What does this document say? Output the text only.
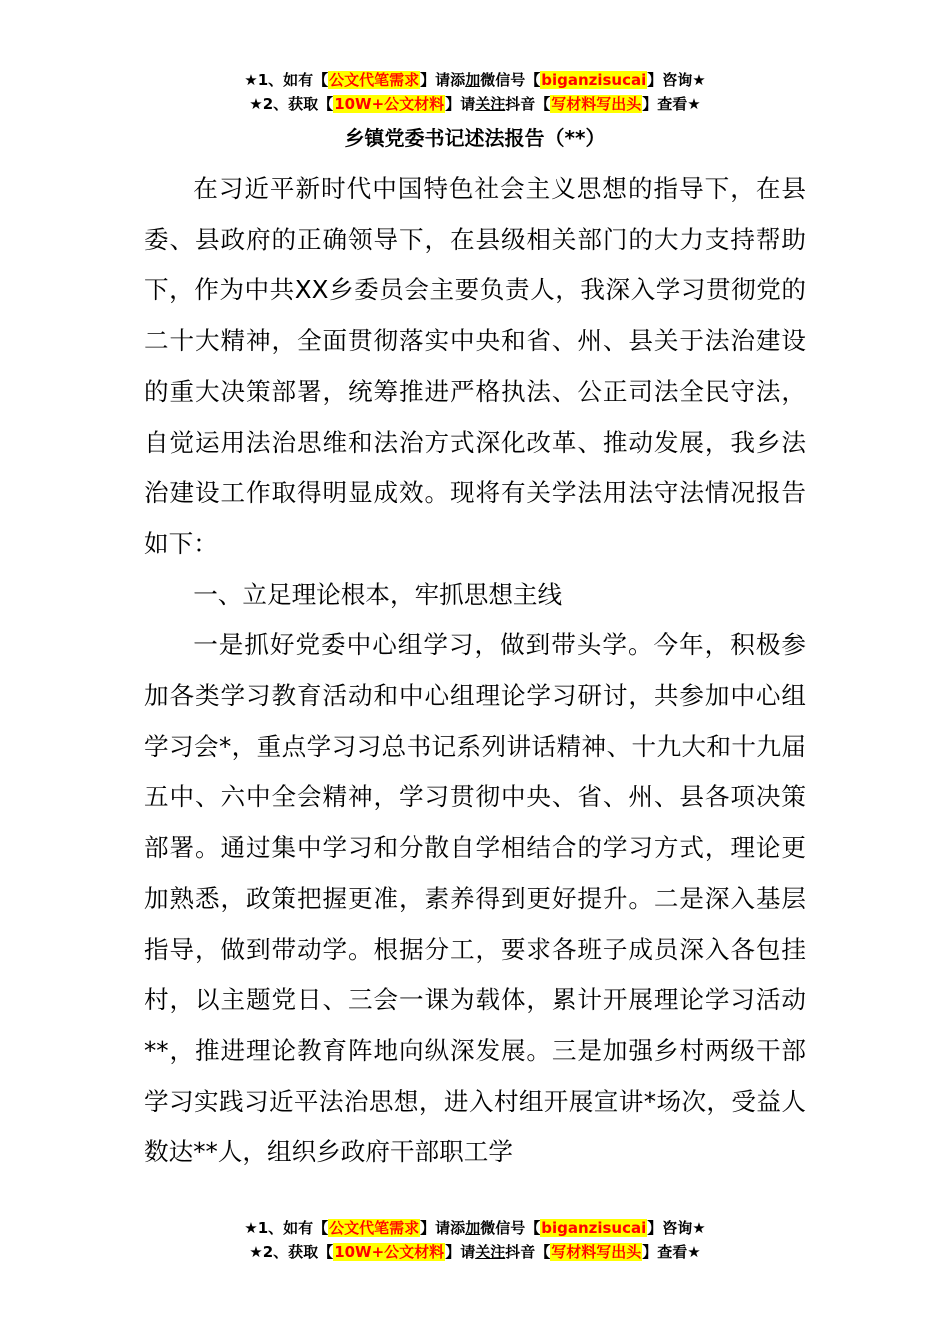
★1、如有【公文代笔需求】请添加微信号【biganzisucai】咨询★
★2、获取【10W+公文材料】请关注抖音【写材料写出头】查看★
乡镇党委书记述法报告（**）

在习近平新时代中国特色社会主义思想的指导下，在县委、县政府的正确领导下，在县级相关部门的大力支持帮助下，作为中共XX乡委员会主要负责人，我深入学习贯彻党的二十大精神，全面贯彻落实中央和省、州、县关于法治建设的重大决策部署，统筹推进严格执法、公正司法全民守法，自觉运用法治思维和法治方式深化改革、推动发展，我乡法治建设工作取得明显成效。现将有关学法用法守法情况报告如下：

一、立足理论根本，牢抓思想主线

一是抓好党委中心组学习，做到带头学。今年，积极参加各类学习教育活动和中心组理论学习研讨，共参加中心组学习会*，重点学习习总书记系列讲话精神、十九大和十九届五中、六中全会精神，学习贯彻中央、省、州、县各项决策部署。通过集中学习和分散自学相结合的学习方式，理论更加熟悉，政策把握更准，素养得到更好提升。二是深入基层指导，做到带动学。根据分工，要求各班子成员深入各包挂村，以主题党日、三会一课为载体，累计开展理论学习活动**，推进理论教育阵地向纵深发展。三是加强乡村两级干部学习实践习近平法治思想，进入村组开展宣讲*场次，受益人数达**人，组织乡政府干部职工学

★1、如有【公文代笔需求】请添加微信号【biganzisucai】咨询★
★2、获取【10W+公文材料】请关注抖音【写材料写出头】查看★
